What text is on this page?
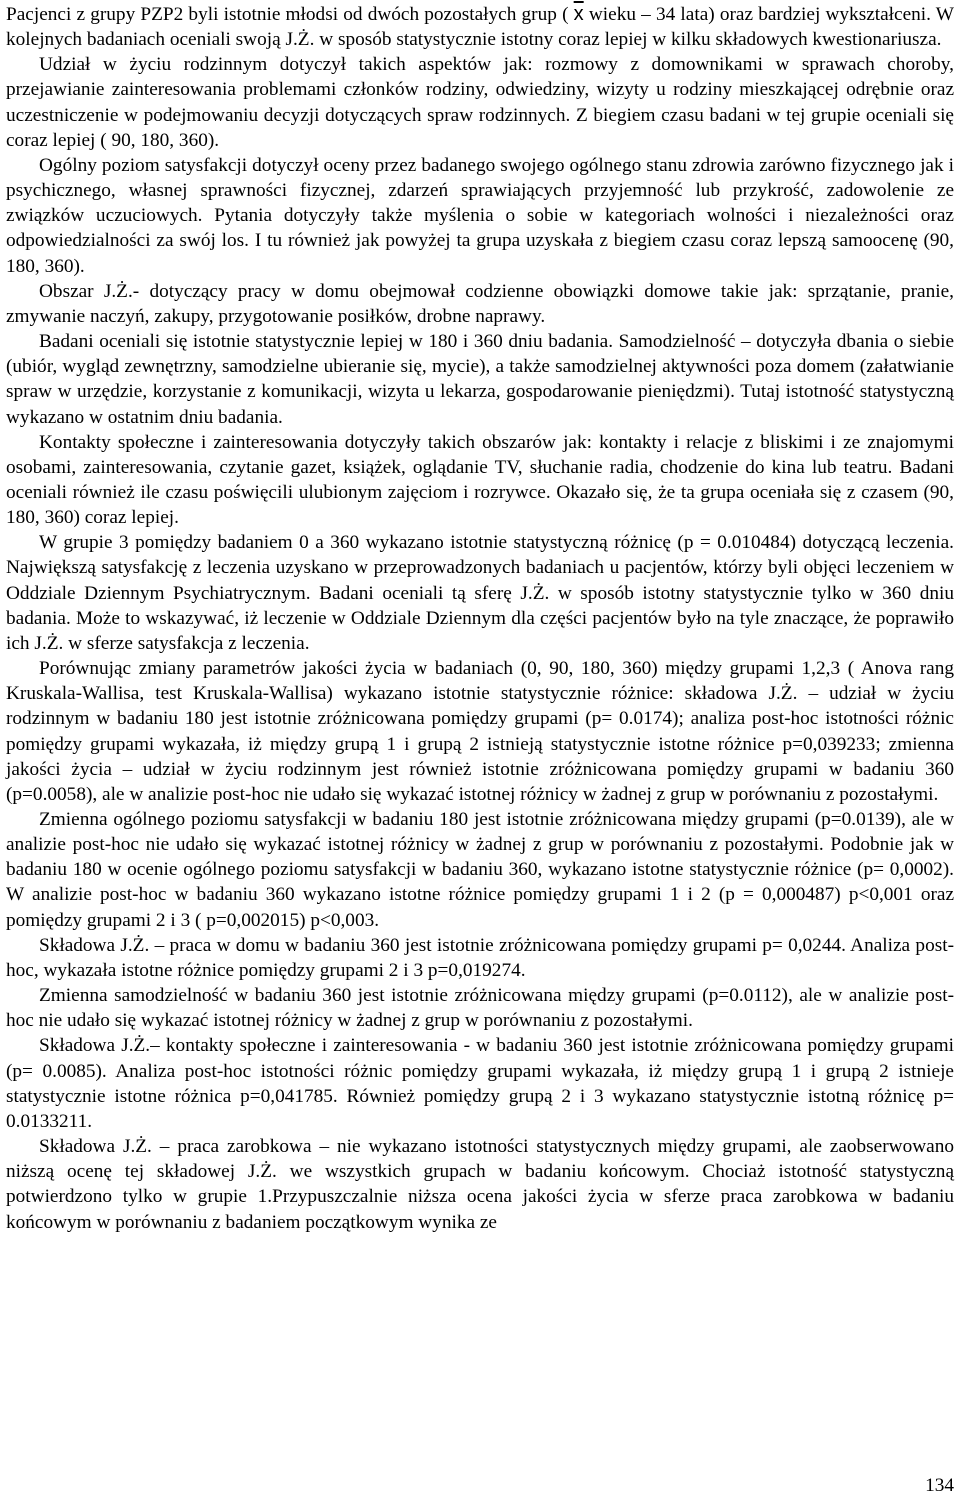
Pacjenci z grupy PZP2 byli istotnie młodsi od dwóch pozostałych grup ( $\overline{x}$ wieku – 34 lata) oraz bardziej wykształceni. W kolejnych badaniach oceniali swoją J.Ż. w sposób statystycznie istotny coraz lepiej w kilku składowych kwestionariusza.

Udział w życiu rodzinnym dotyczył takich aspektów jak: rozmowy z domownikami w sprawach choroby, przejawianie zainteresowania problemami członków rodziny, odwiedziny, wizyty u rodziny mieszkającej odrębnie oraz uczestniczenie w podejmowaniu decyzji dotyczących spraw rodzinnych. Z biegiem czasu badani w tej grupie oceniali się coraz lepiej ( 90, 180, 360).

Ogólny poziom satysfakcji dotyczył oceny przez badanego swojego ogólnego stanu zdrowia zarówno fizycznego jak i psychicznego, własnej sprawności fizycznej, zdarzeń sprawiających przyjemność lub przykrość, zadowolenie ze związków uczuciowych. Pytania dotyczyły także myślenia o sobie w kategoriach wolności i niezależności oraz odpowiedzialności za swój los. I tu również jak powyżej ta grupa uzyskała z biegiem czasu coraz lepszą samoocenę (90, 180, 360).

Obszar J.Ż.- dotyczący pracy w domu obejmował codzienne obowiązki domowe takie jak: sprzątanie, pranie, zmywanie naczyń, zakupy, przygotowanie posiłków, drobne naprawy.

Badani oceniali się istotnie statystycznie lepiej w 180 i 360 dniu badania. Samodzielność – dotyczyła dbania o siebie (ubiór, wygląd zewnętrzny, samodzielne ubieranie się, mycie), a także samodzielnej aktywności poza domem (załatwianie spraw w urzędzie, korzystanie z komunikacji, wizyta u lekarza, gospodarowanie pieniędzmi). Tutaj istotność statystyczną wykazano w ostatnim dniu badania.

Kontakty społeczne i zainteresowania dotyczyły takich obszarów jak: kontakty i relacje z bliskimi i ze znajomymi osobami, zainteresowania, czytanie gazet, książek, oglądanie TV, słuchanie radia, chodzenie do kina lub teatru. Badani oceniali również ile czasu poświęcili ulubionym zajęciom i rozrywce. Okazało się, że ta grupa oceniała się z czasem (90, 180, 360) coraz lepiej.

W grupie 3 pomiędzy badaniem 0 a 360 wykazano istotnie statystyczną różnicę (p = 0.010484) dotyczącą leczenia. Największą satysfakcję z leczenia uzyskano w przeprowadzonych badaniach u pacjentów, którzy byli objęci leczeniem w Oddziale Dziennym Psychiatrycznym. Badani oceniali tą sferę J.Ż. w sposób istotny statystycznie tylko w 360 dniu badania. Może to wskazywać, iż leczenie w Oddziale Dziennym dla części pacjentów było na tyle znaczące, że poprawiło ich J.Ż. w sferze satysfakcja z leczenia.

Porównując zmiany parametrów jakości życia w badaniach (0, 90, 180, 360) między grupami 1,2,3 ( Anova rang Kruskala-Wallisa, test Kruskala-Wallisa) wykazano istotnie statystycznie różnice: składowa J.Ż. – udział w życiu rodzinnym w badaniu 180 jest istotnie zróżnicowana pomiędzy grupami (p= 0.0174); analiza post-hoc istotności różnic pomiędzy grupami wykazała, iż między grupą 1 i grupą 2 istnieją statystycznie istotne różnice p=0,039233; zmienna jakości życia – udział w życiu rodzinnym jest również istotnie zróżnicowana pomiędzy grupami w badaniu 360 (p=0.0058), ale w analizie post-hoc nie udało się wykazać istotnej różnicy w żadnej z grup w porównaniu z pozostałymi.

Zmienna ogólnego poziomu satysfakcji w badaniu 180 jest istotnie zróżnicowana między grupami (p=0.0139), ale w analizie post-hoc nie udało się wykazać istotnej różnicy w żadnej z grup w porównaniu z pozostałymi. Podobnie jak w badaniu 180 w ocenie ogólnego poziomu satysfakcji w badaniu 360, wykazano istotne statystycznie różnice (p= 0,0002). W analizie post-hoc w badaniu 360 wykazano istotne różnice pomiędzy grupami 1 i 2 (p = 0,000487) p<0,001 oraz pomiędzy grupami 2 i 3 ( p=0,002015) p<0,003.

Składowa J.Ż. – praca w domu w badaniu 360 jest istotnie zróżnicowana pomiędzy grupami p= 0,0244. Analiza post-hoc, wykazała istotne różnice pomiędzy grupami 2 i 3 p=0,019274.

Zmienna samodzielność w badaniu 360 jest istotnie zróżnicowana między grupami (p=0.0112), ale w analizie post-hoc nie udało się wykazać istotnej różnicy w żadnej z grup w porównaniu z pozostałymi.

Składowa J.Ż.– kontakty społeczne i zainteresowania - w badaniu 360 jest istotnie zróżnicowana pomiędzy grupami (p= 0.0085). Analiza post-hoc istotności różnic pomiędzy grupami wykazała, iż między grupą 1 i grupą 2 istnieje statystycznie istotne różnica p=0,041785. Również pomiędzy grupą 2 i 3 wykazano statystycznie istotną różnicę p= 0.0133211.

Składowa J.Ż. – praca zarobkowa – nie wykazano istotności statystycznych między grupami, ale zaobserwowano niższą ocenę tej składowej J.Ż. we wszystkich grupach w badaniu końcowym. Chociaż istotność statystyczną potwierdzono tylko w grupie 1.Przypuszczalnie niższa ocena jakości życia w sferze praca zarobkowa w badaniu końcowym w porównaniu z badaniem początkowym wynika ze

134
